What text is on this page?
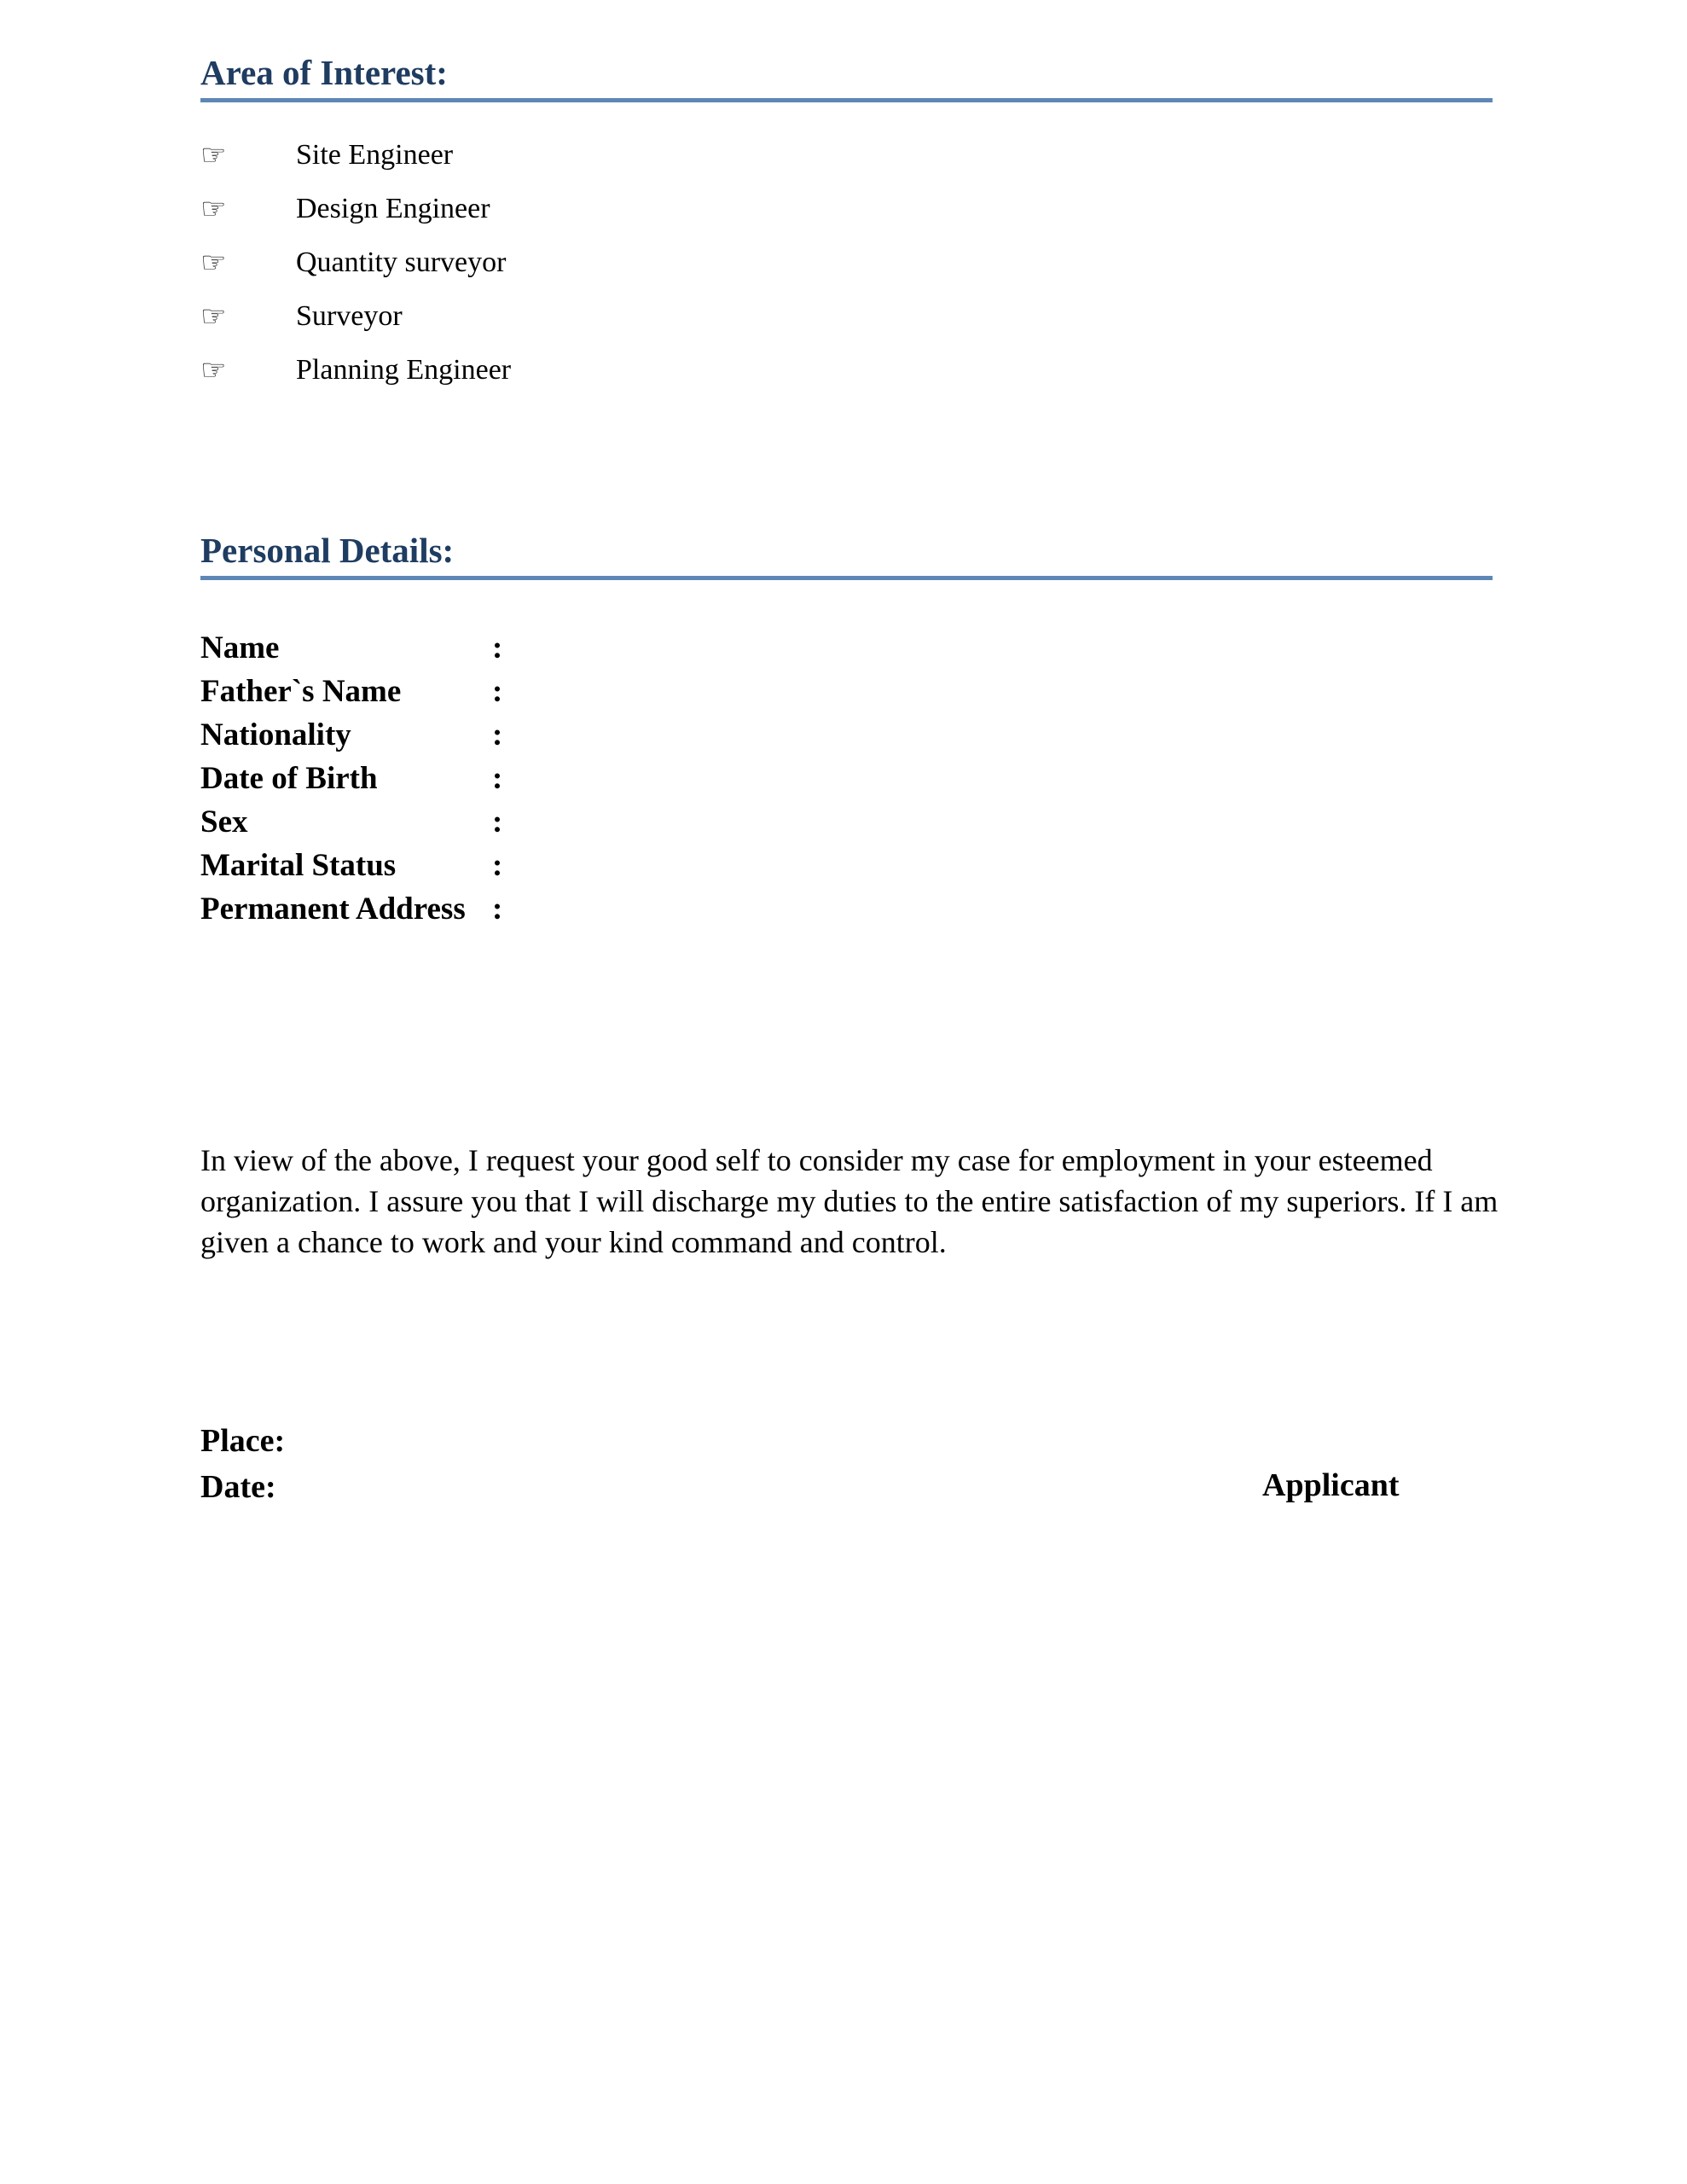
Area of Interest:
☞	Site Engineer
☞	Design Engineer
☞	Quantity surveyor
☞	Surveyor
☞	Planning Engineer
Personal Details:
Name	:
Father`s Name	:
Nationality	:
Date of Birth	:
Sex	:
Marital Status	:
Permanent Address :

In view of the above, I request your good self to consider my case for employment in your esteemed organization. I assure you that I will discharge my duties to the entire satisfaction of my superiors. If I am given a chance to work and your kind command and control.

Place:
Date:	Applicant
